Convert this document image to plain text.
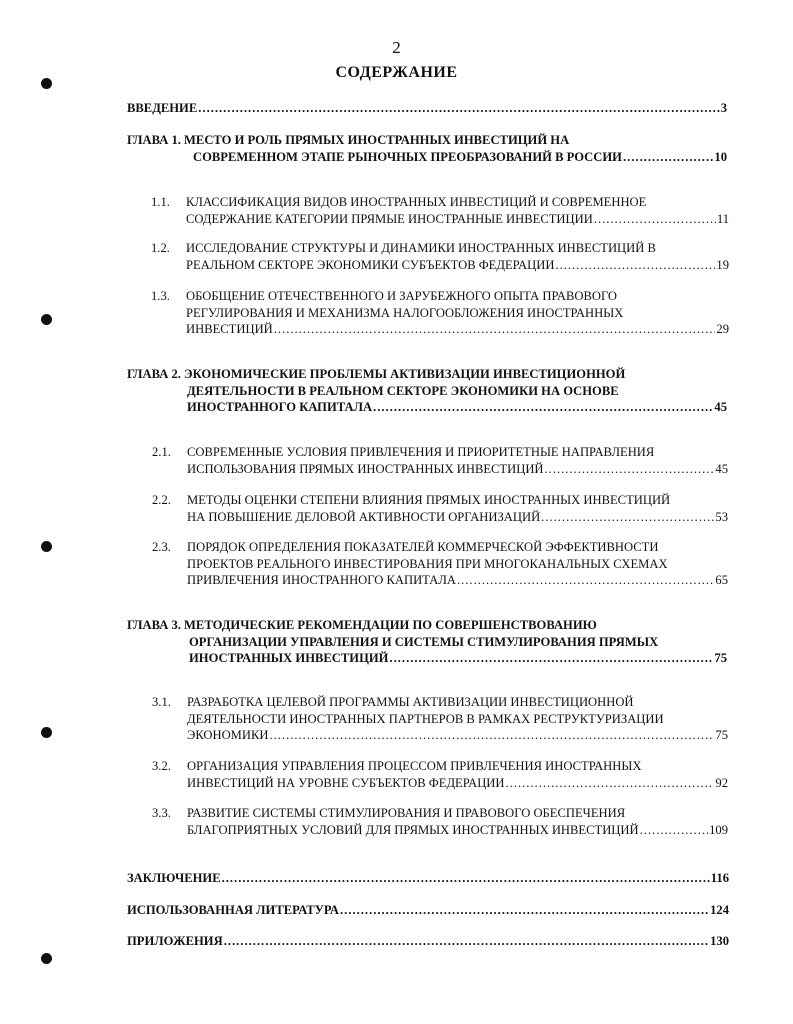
2
СОДЕРЖАНИЕ
ВВЕДЕНИЕ .....	3
ГЛАВА 1. МЕСТО И РОЛЬ ПРЯМЫХ ИНОСТРАННЫХ ИНВЕСТИЦИЙ НА
СОВРЕМЕННОМ ЭТАПЕ РЫНОЧНЫХ ПРЕОБРАЗОВАНИЙ В РОССИИ .....	10
1.1. КЛАССИФИКАЦИЯ ВИДОВ ИНОСТРАННЫХ ИНВЕСТИЦИЙ И СОВРЕМЕННОЕ
СОДЕРЖАНИЕ КАТЕГОРИИ ПРЯМЫЕ ИНОСТРАННЫЕ ИНВЕСТИЦИИ .....	11
1.2. ИССЛЕДОВАНИЕ СТРУКТУРЫ И ДИНАМИКИ ИНОСТРАННЫХ ИНВЕСТИЦИЙ В
РЕАЛЬНОМ СЕКТОРЕ ЭКОНОМИКИ СУБЪЕКТОВ ФЕДЕРАЦИИ .....	19
1.3. ОБОБЩЕНИЕ ОТЕЧЕСТВЕННОГО И ЗАРУБЕЖНОГО ОПЫТА ПРАВОВОГО
РЕГУЛИРОВАНИЯ И МЕХАНИЗМА НАЛОГООБЛОЖЕНИЯ ИНОСТРАННЫХ
ИНВЕСТИЦИЙ .....	29
ГЛАВА 2. ЭКОНОМИЧЕСКИЕ ПРОБЛЕМЫ АКТИВИЗАЦИИ ИНВЕСТИЦИОННОЙ
ДЕЯТЕЛЬНОСТИ В РЕАЛЬНОМ СЕКТОРЕ ЭКОНОМИКИ НА ОСНОВЕ
ИНОСТРАННОГО КАПИТАЛА .....	45
2.1. СОВРЕМЕННЫЕ УСЛОВИЯ ПРИВЛЕЧЕНИЯ И ПРИОРИТЕТНЫЕ НАПРАВЛЕНИЯ
ИСПОЛЬЗОВАНИЯ ПРЯМЫХ ИНОСТРАННЫХ ИНВЕСТИЦИЙ .....	45
2.2. МЕТОДЫ ОЦЕНКИ СТЕПЕНИ ВЛИЯНИЯ ПРЯМЫХ ИНОСТРАННЫХ ИНВЕСТИЦИЙ
НА ПОВЫШЕНИЕ ДЕЛОВОЙ АКТИВНОСТИ ОРГАНИЗАЦИЙ .....	53
2.3. ПОРЯДОК ОПРЕДЕЛЕНИЯ ПОКАЗАТЕЛЕЙ КОММЕРЧЕСКОЙ ЭФФЕКТИВНОСТИ
ПРОЕКТОВ РЕАЛЬНОГО ИНВЕСТИРОВАНИЯ ПРИ МНОГОКАНАЛЬНЫХ СХЕМАХ
ПРИВЛЕЧЕНИЯ ИНОСТРАННОГО КАПИТАЛА .....	65
ГЛАВА 3. МЕТОДИЧЕСКИЕ РЕКОМЕНДАЦИИ ПО СОВЕРШЕНСТВОВАНИЮ
ОРГАНИЗАЦИИ УПРАВЛЕНИЯ И СИСТЕМЫ СТИМУЛИРОВАНИЯ ПРЯМЫХ
ИНОСТРАННЫХ ИНВЕСТИЦИЙ .....	75
3.1. РАЗРАБОТКА ЦЕЛЕВОЙ ПРОГРАММЫ АКТИВИЗАЦИИ ИНВЕСТИЦИОННОЙ
ДЕЯТЕЛЬНОСТИ ИНОСТРАННЫХ ПАРТНЕРОВ В РАМКАХ РЕСТРУКТУРИЗАЦИИ
ЭКОНОМИКИ .....	75
3.2. ОРГАНИЗАЦИЯ УПРАВЛЕНИЯ ПРОЦЕССОМ ПРИВЛЕЧЕНИЯ ИНОСТРАННЫХ
ИНВЕСТИЦИЙ НА УРОВНЕ СУБЪЕКТОВ ФЕДЕРАЦИИ .....	92
3.3. РАЗВИТИЕ СИСТЕМЫ СТИМУЛИРОВАНИЯ И ПРАВОВОГО ОБЕСПЕЧЕНИЯ
БЛАГОПРИЯТНЫХ УСЛОВИЙ ДЛЯ ПРЯМЫХ ИНОСТРАННЫХ ИНВЕСТИЦИЙ .....	109
ЗАКЛЮЧЕНИЕ .....	116
ИСПОЛЬЗОВАННАЯ ЛИТЕРАТУРА .....	124
ПРИЛОЖЕНИЯ .....	130
